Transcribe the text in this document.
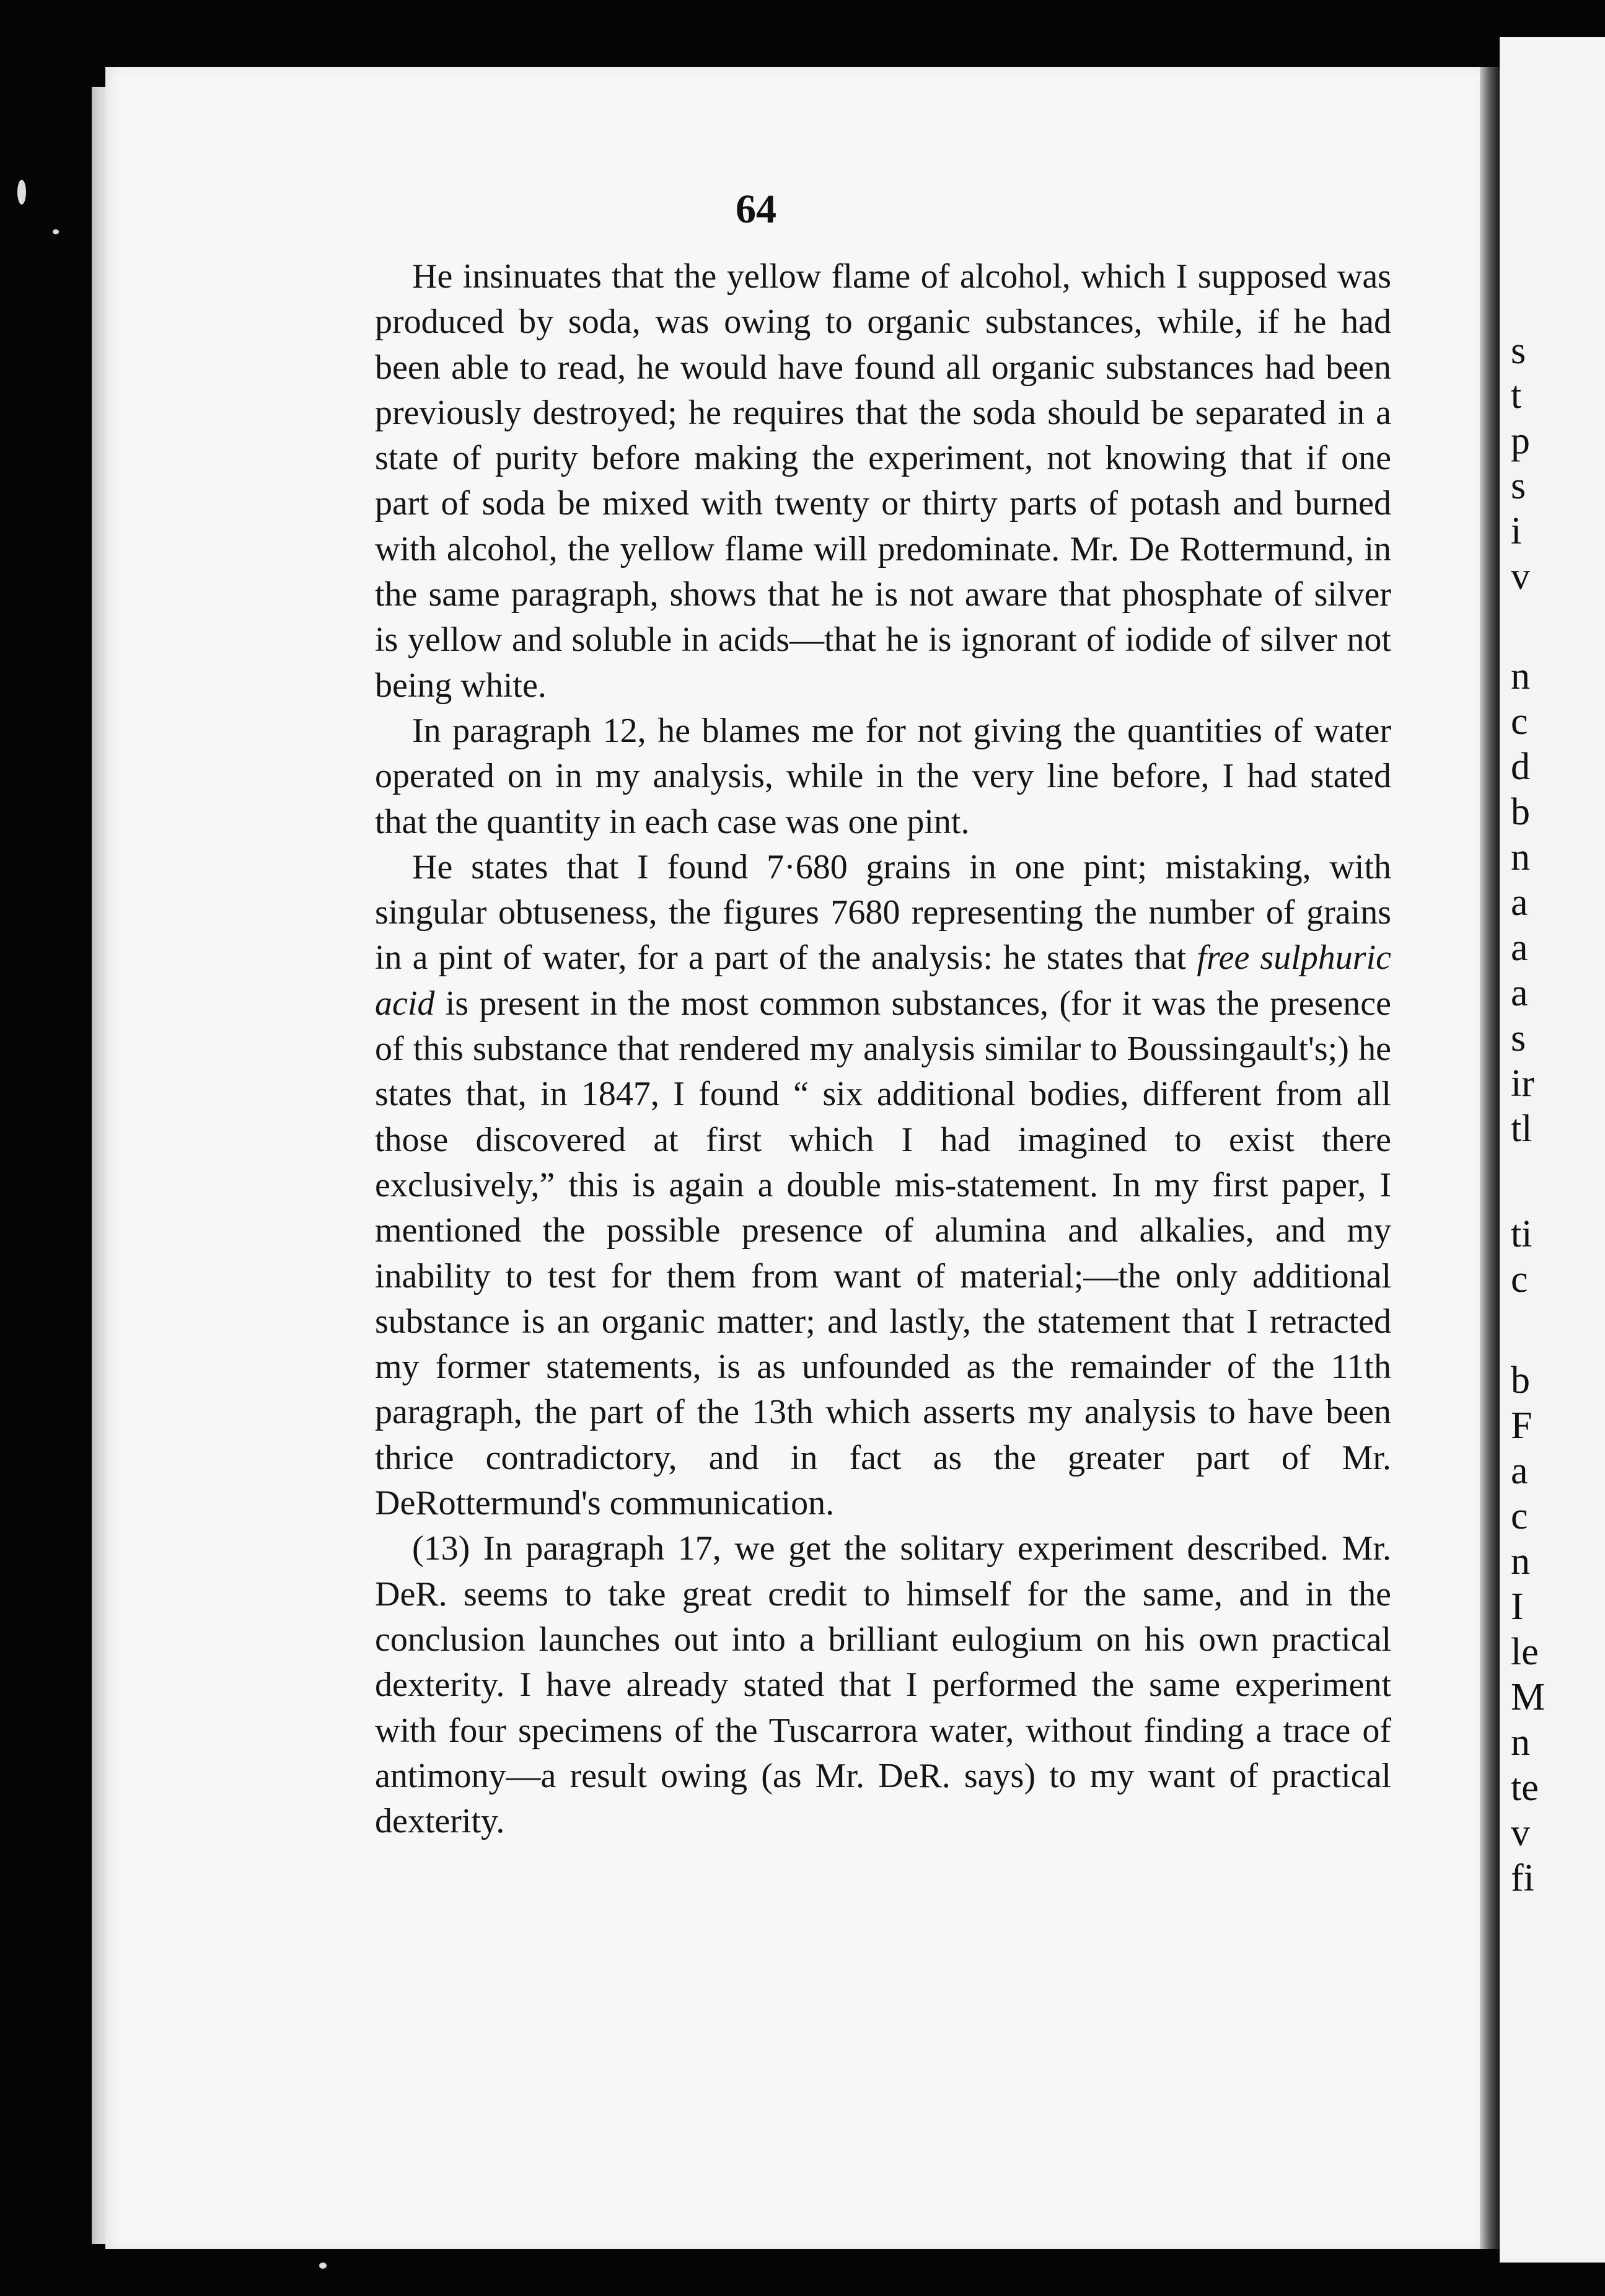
s

t

p

s

i

v

n

c

d

b

n

a

a

a

s

ir

tl

ti

c

b

F

a

c

n

I

le

M

n

te

v

fi

64

He insinuates that the yellow flame of alcohol, which I supposed was produced by soda, was owing to organic substances, while, if he had been able to read, he would have found all organic substances had been previously destroyed; he requires that the soda should be separated in a state of purity before making the experiment, not knowing that if one part of soda be mixed with twenty or thirty parts of potash and burned with alcohol, the yellow flame will predominate. Mr. De Rottermund, in the same paragraph, shows that he is not aware that phosphate of silver is yellow and soluble in acids—that he is ignorant of iodide of silver not being white.

In paragraph 12, he blames me for not giving the quantities of water operated on in my analysis, while in the very line before, I had stated that the quantity in each case was one pint.

He states that I found 7·680 grains in one pint; mistaking, with singular obtuseness, the figures 7680 representing the number of grains in a pint of water, for a part of the analysis: he states that free sulphuric acid is present in the most common substances, (for it was the presence of this substance that rendered my analysis similar to Boussingault's;) he states that, in 1847, I found “ six additional bodies, different from all those discovered at first which I had imagined to exist there exclusively,” this is again a double mis-statement. In my first paper, I mentioned the possible presence of alumina and alkalies, and my inability to test for them from want of material;—the only additional substance is an organic matter; and lastly, the statement that I retracted my former statements, is as unfounded as the remainder of the 11th paragraph, the part of the 13th which asserts my analysis to have been thrice contradictory, and in fact as the greater part of Mr. DeRottermund's communication.

(13) In paragraph 17, we get the solitary experiment described. Mr. DeR. seems to take great credit to himself for the same, and in the conclusion launches out into a brilliant eulogium on his own practical dexterity. I have already stated that I performed the same experiment with four specimens of the Tuscarrora water, without finding a trace of antimony—a result owing (as Mr. DeR. says) to my want of practical dexterity.
